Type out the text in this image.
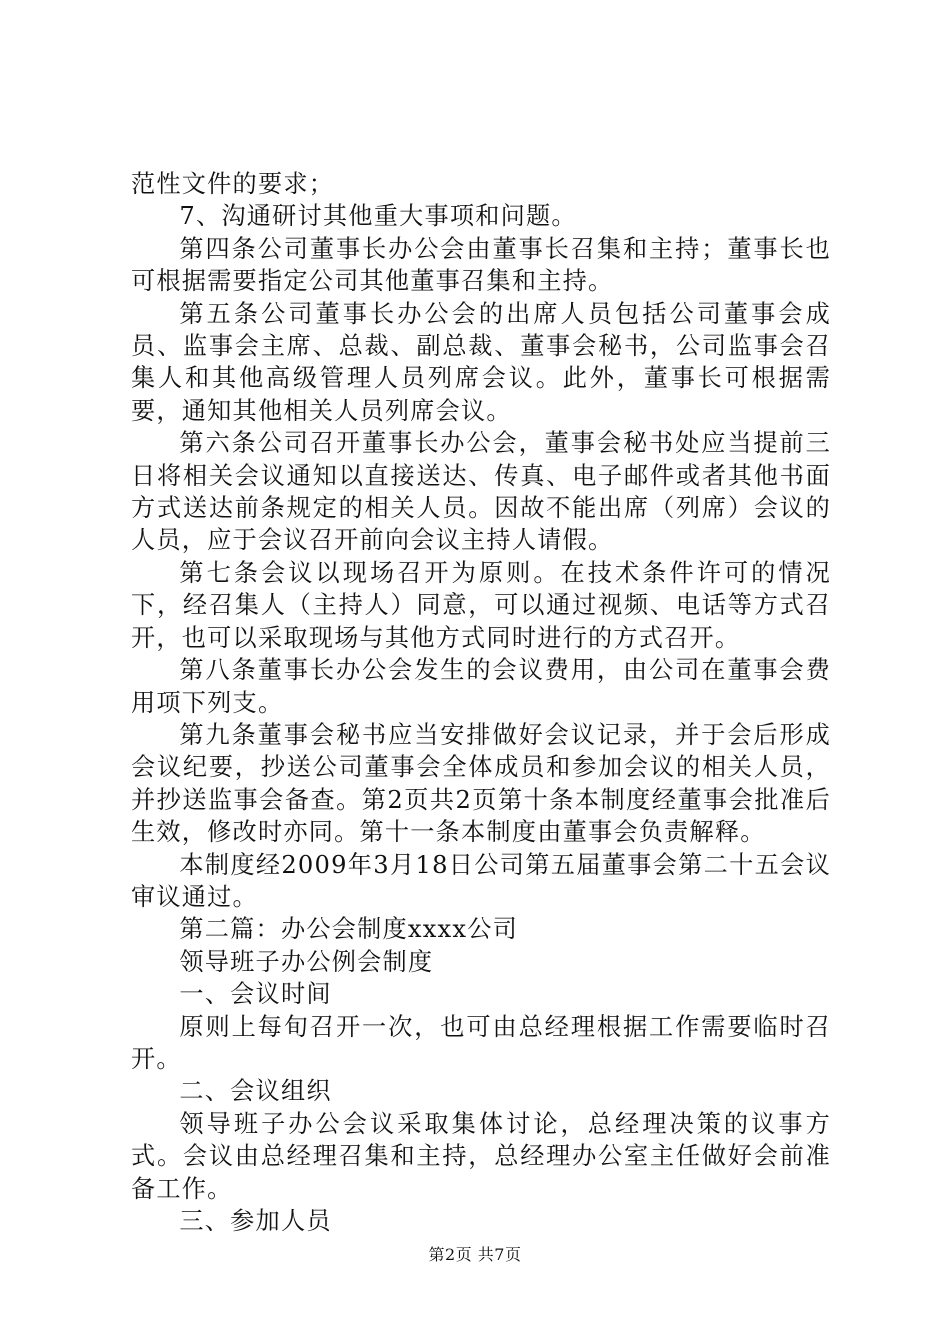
范性文件的要求；

7、沟通研讨其他重大事项和问题。

第四条公司董事长办公会由董事长召集和主持；董事长也可根据需要指定公司其他董事召集和主持。

第五条公司董事长办公会的出席人员包括公司董事会成员、监事会主席、总裁、副总裁、董事会秘书，公司监事会召集人和其他高级管理人员列席会议。此外，董事长可根据需要，通知其他相关人员列席会议。

第六条公司召开董事长办公会，董事会秘书处应当提前三日将相关会议通知以直接送达、传真、电子邮件或者其他书面方式送达前条规定的相关人员。因故不能出席（列席）会议的人员，应于会议召开前向会议主持人请假。

第七条会议以现场召开为原则。在技术条件许可的情况下，经召集人（主持人）同意，可以通过视频、电话等方式召开，也可以采取现场与其他方式同时进行的方式召开。

第八条董事长办公会发生的会议费用，由公司在董事会费用项下列支。

第九条董事会秘书应当安排做好会议记录，并于会后形成会议纪要，抄送公司董事会全体成员和参加会议的相关人员，并抄送监事会备查。第2页共2页第十条本制度经董事会批准后生效，修改时亦同。第十一条本制度由董事会负责解释。

本制度经2009年3月18日公司第五届董事会第二十五会议审议通过。

第二篇：办公会制度xxxx公司

领导班子办公例会制度

一、会议时间

原则上每旬召开一次，也可由总经理根据工作需要临时召开。

二、会议组织

领导班子办公会议采取集体讨论，总经理决策的议事方式。会议由总经理召集和主持，总经理办公室主任做好会前准备工作。

三、参加人员

第2页 共7页
